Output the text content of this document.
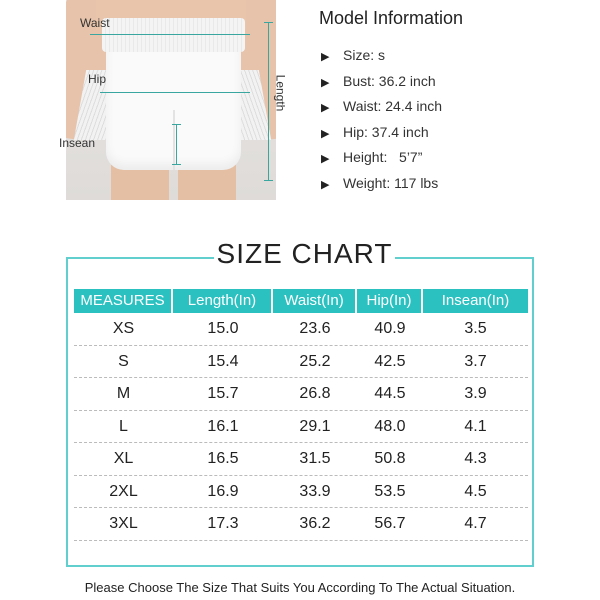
Waist
Hip
Insean
Length
Model Information
▶ Size: s
▶ Bust: 36.2 inch
▶ Waist: 24.4 inch
▶ Hip: 37.4 inch
▶ Height: 5’7”
▶ Weight: 117 lbs
SIZE CHART
MEASURES	Length(In)	Waist(In)	Hip(In)	Insean(In)
XS	15.0	23.6	40.9	3.5
S	15.4	25.2	42.5	3.7
M	15.7	26.8	44.5	3.9
L	16.1	29.1	48.0	4.1
XL	16.5	31.5	50.8	4.3
2XL	16.9	33.9	53.5	4.5
3XL	17.3	36.2	56.7	4.7
Please Choose The Size That Suits You According To The Actual Situation.
